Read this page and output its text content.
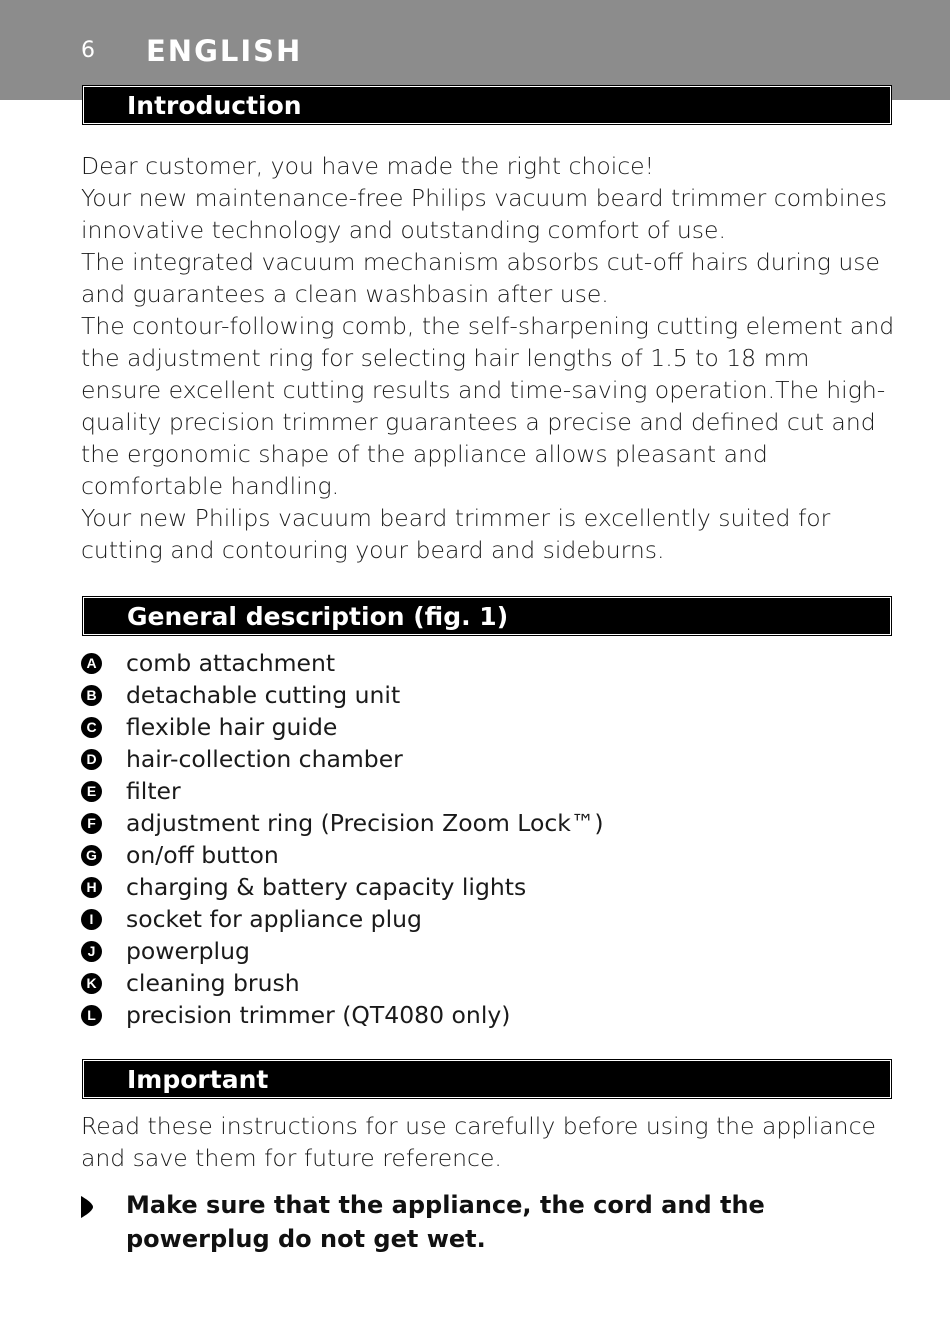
6 ENGLISH
Introduction

Dear customer, you have made the right choice!

Your new maintenance-free Philips vacuum beard trimmer combines innovative technology and outstanding comfort of use.

The integrated vacuum mechanism absorbs cut-off hairs during use and guarantees a clean washbasin after use.

The contour-following comb, the self-sharpening cutting element and the adjustment ring for selecting hair lengths of 1.5 to 18 mm ensure excellent cutting results and time-saving operation.The high-quality precision trimmer guarantees a precise and defined cut and the ergonomic shape of the appliance allows pleasant and comfortable handling.

Your new Philips vacuum beard trimmer is excellently suited for cutting and contouring your beard and sideburns.

General description (fig. 1)
A comb attachment
B detachable cutting unit
C flexible hair guide
D hair-collection chamber
E filter
F adjustment ring (Precision Zoom Lock™)
G on/off button
H charging & battery capacity lights
I	socket for appliance plug
J powerplug
K cleaning brush
L precision trimmer (QT4080 only)
Important

Read these instructions for use carefully before using the appliance and save them for future reference.

Make sure that the appliance, the cord and the powerplug do not get wet.
